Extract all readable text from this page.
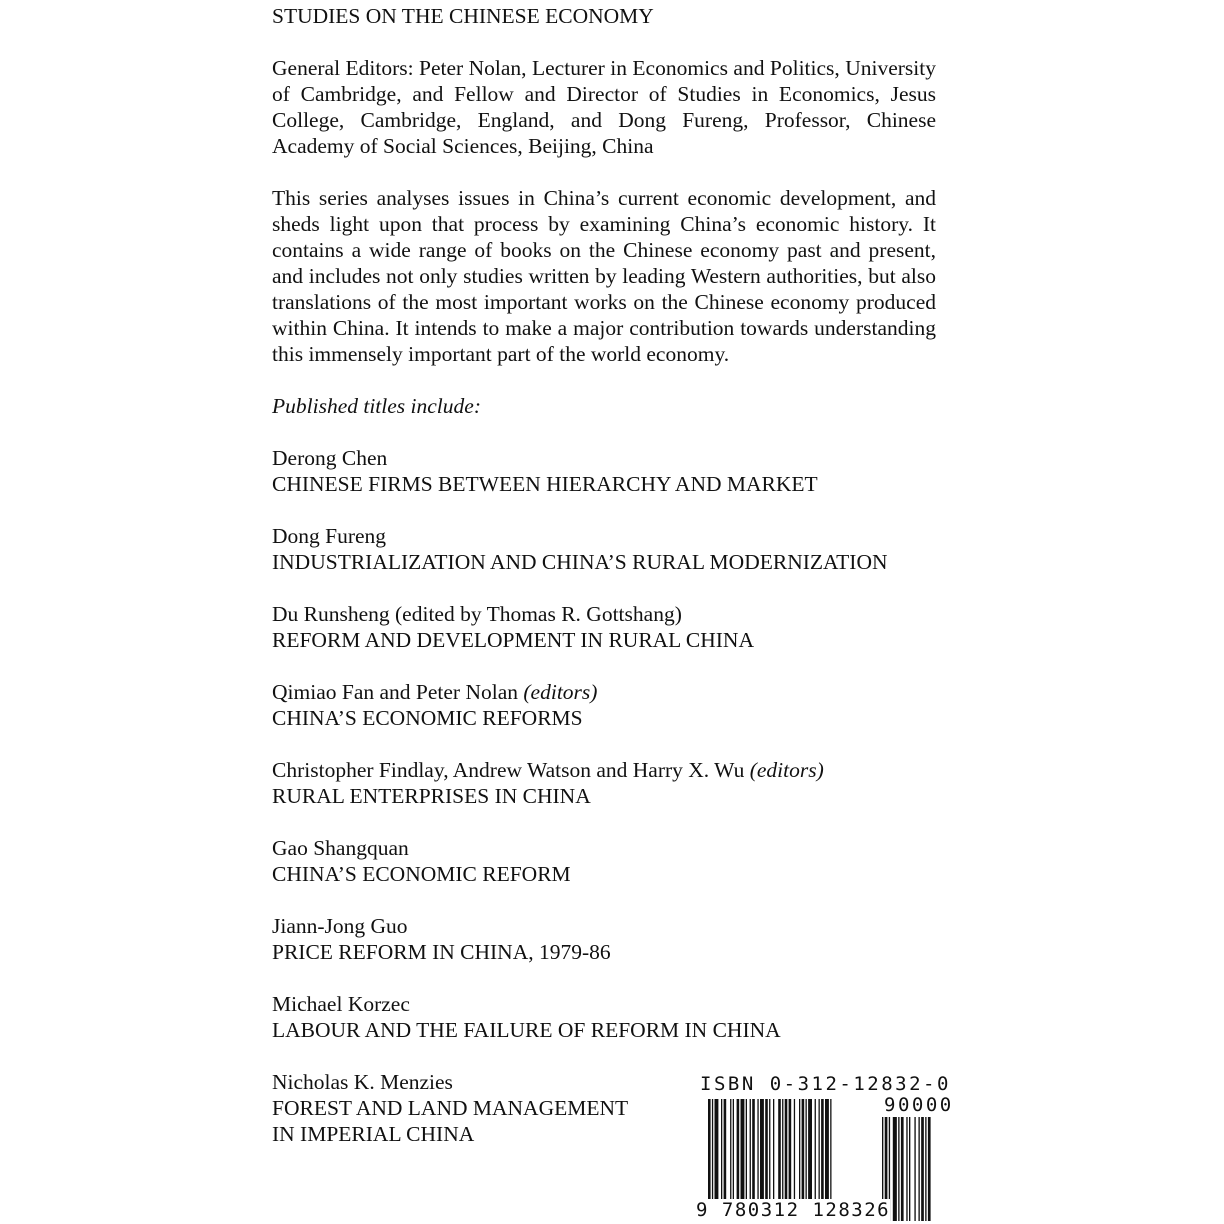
STUDIES ON THE CHINESE ECONOMY
General Editors: Peter Nolan, Lecturer in Economics and Politics, University of Cambridge, and Fellow and Director of Studies in Economics, Jesus College, Cambridge, England, and Dong Fureng, Professor, Chinese Academy of Social Sciences, Beijing, China
This series analyses issues in China’s current economic development, and sheds light upon that process by examining China’s economic history. It contains a wide range of books on the Chinese economy past and present, and includes not only studies written by leading Western authorities, but also translations of the most important works on the Chinese economy produced within China. It intends to make a major contribution towards understanding this immensely important part of the world economy.
Published titles include:
Derong Chen
CHINESE FIRMS BETWEEN HIERARCHY AND MARKET
Dong Fureng
INDUSTRIALIZATION AND CHINA’S RURAL MODERNIZATION
Du Runsheng (edited by Thomas R. Gottshang)
REFORM AND DEVELOPMENT IN RURAL CHINA
Qimiao Fan and Peter Nolan (editors)
CHINA’S ECONOMIC REFORMS
Christopher Findlay, Andrew Watson and Harry X. Wu (editors)
RURAL ENTERPRISES IN CHINA
Gao Shangquan
CHINA’S ECONOMIC REFORM
Jiann-Jong Guo
PRICE REFORM IN CHINA, 1979-86
Michael Korzec
LABOUR AND THE FAILURE OF REFORM IN CHINA
Nicholas K. Menzies
FOREST AND LAND MANAGEMENT
IN IMPERIAL CHINA
ISBN 0-312-12832-0
90000
9 780312 128326
